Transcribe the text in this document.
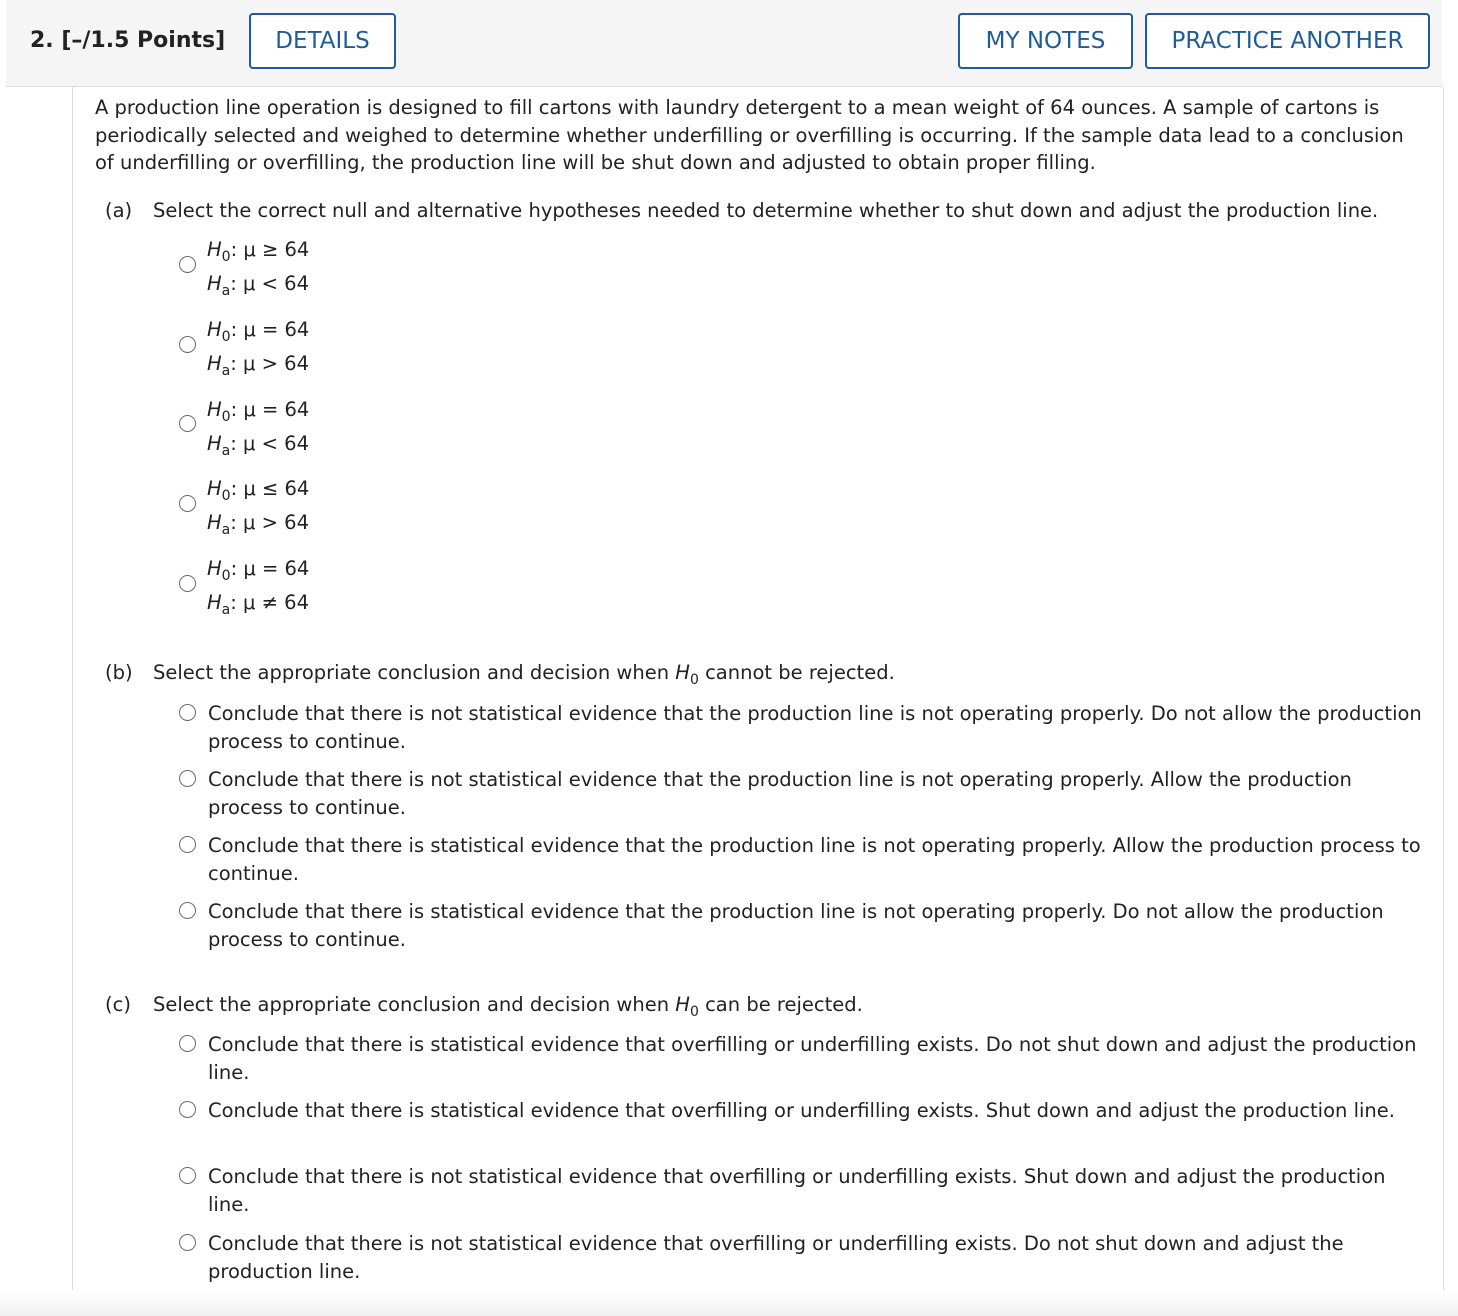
2. [–/1.5 Points]	DETAILS	MY NOTES	PRACTICE ANOTHER
A production line operation is designed to fill cartons with laundry detergent to a mean weight of 64 ounces. A sample of cartons is periodically selected and weighed to determine whether underfilling or overfilling is occurring. If the sample data lead to a conclusion of underfilling or overfilling, the production line will be shut down and adjusted to obtain proper filling.
(a) Select the correct null and alternative hypotheses needed to determine whether to shut down and adjust the production line.
$H_0$: μ ≥ 64
$H_a$: μ < 64
$H_0$: μ = 64
$H_a$: μ > 64
$H_0$: μ = 64
$H_a$: μ < 64
$H_0$: μ ≤ 64
$H_a$: μ > 64
$H_0$: μ = 64
$H_a$: μ ≠ 64
(b) Select the appropriate conclusion and decision when $H_0$ cannot be rejected.
Conclude that there is not statistical evidence that the production line is not operating properly. Do not allow the production process to continue.
Conclude that there is not statistical evidence that the production line is not operating properly. Allow the production process to continue.
Conclude that there is statistical evidence that the production line is not operating properly. Allow the production process to continue.
Conclude that there is statistical evidence that the production line is not operating properly. Do not allow the production process to continue.
(c) Select the appropriate conclusion and decision when $H_0$ can be rejected.
Conclude that there is statistical evidence that overfilling or underfilling exists. Do not shut down and adjust the production line.
Conclude that there is statistical evidence that overfilling or underfilling exists. Shut down and adjust the production line.
Conclude that there is not statistical evidence that overfilling or underfilling exists. Shut down and adjust the production line.
Conclude that there is not statistical evidence that overfilling or underfilling exists. Do not shut down and adjust the production line.
